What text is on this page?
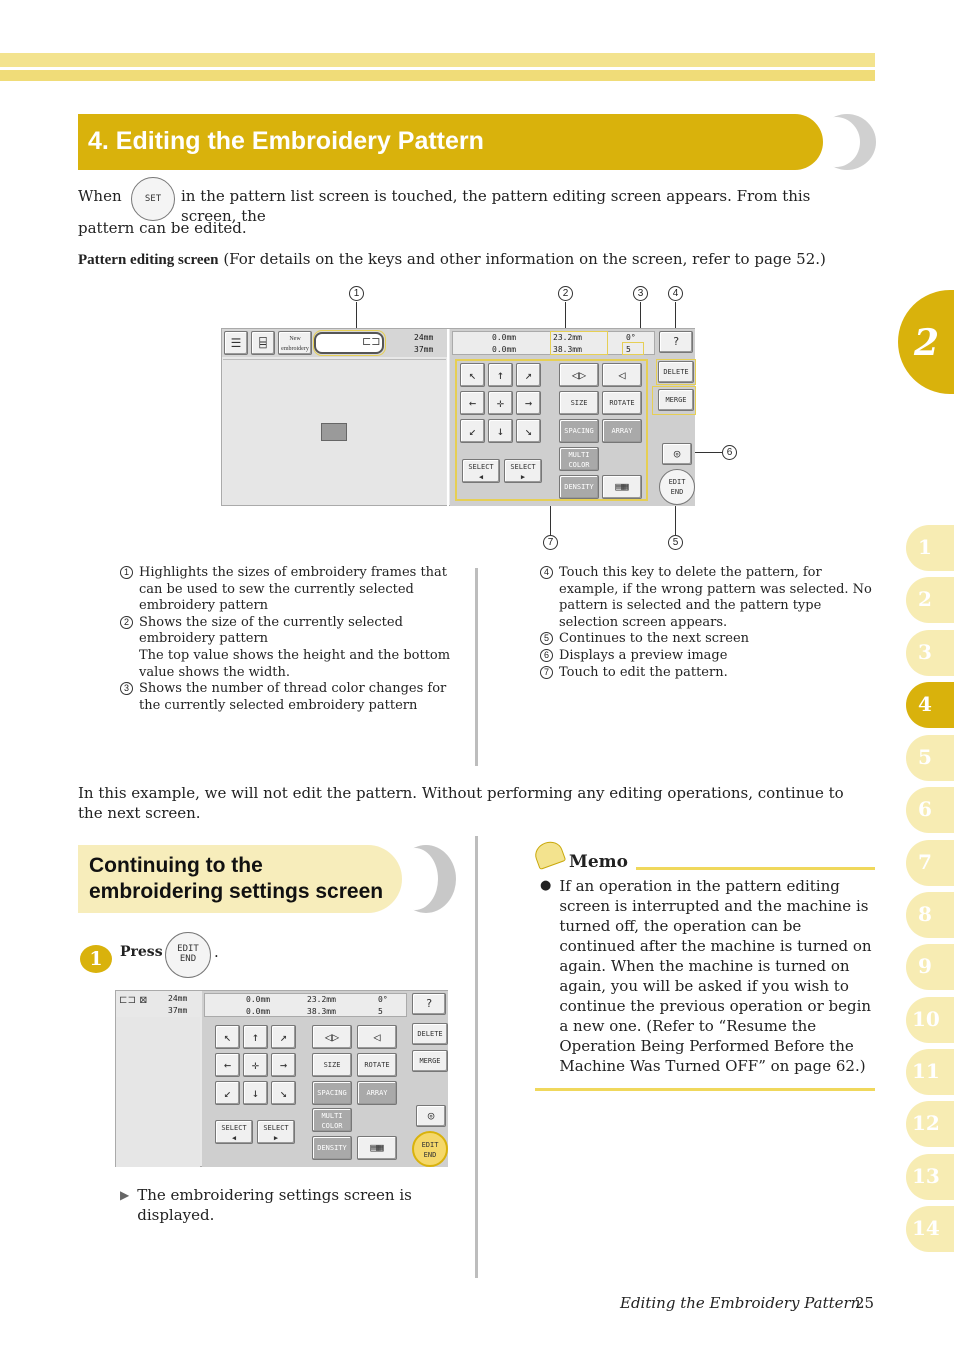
4. Editing the Embroidery Pattern
2
When	SET	in the pattern list screen is touched, the pattern editing screen appears. From this screen, the
pattern can be edited.
Pattern editing screen (For details on the keys and other information on the screen, refer to page 52.)
1	2	3	4
6
7	5
☰	⌸	New embroidery
⊏⊐	24mm
37mm
0.0mm
0.0mm
23.2mm
38.3mm
0°
5
?
↖	↑	↗
←	✛	→
↙	↓	↘
◁▷	◁
SIZE	ROTATE
SPACING	ARRAY
MULTI COLOR
DENSITY	▤▦
SELECT
◀
SELECT
▶
DELETE
MERGE
◎
EDIT END
1 Highlights the sizes of embroidery frames that can be used to sew the currently selected embroidery pattern
2 Shows the size of the currently selected embroidery pattern
The top value shows the height and the bottom value shows the width.
3 Shows the number of thread color changes for the currently selected embroidery pattern
4 Touch this key to delete the pattern, for example, if the wrong pattern was selected. No pattern is selected and the pattern type selection screen appears.
5 Continues to the next screen
6 Displays a preview image
7 Touch to edit the pattern.
In this example, we will not edit the pattern. Without performing any editing operations, continue to the next screen.
Continuing to the embroidering settings screen
1	Press	EDIT END	.
⊏⊐ ⊠	24mm
37mm
0.0mm
0.0mm
23.2mm
38.3mm
0°
5
?
↖	↑	↗
←	✛	→
↙	↓	↘
◁▷	◁
SIZE	ROTATE
SPACING	ARRAY
MULTI COLOR
DENSITY	▤▦
SELECT
◀
SELECT
▶
DELETE
MERGE
◎
EDIT END
▶ The embroidering settings screen is displayed.
Memo
● If an operation in the pattern editing screen is interrupted and the machine is turned off, the operation can be continued after the machine is turned on again. When the machine is turned on again, you will be asked if you wish to continue the previous operation or begin a new one. (Refer to “Resume the Operation Being Performed Before the Machine Was Turned OFF” on page 62.)
1
2
3
4
5
6
7
8
9
10
11
12
13
14
Editing the Embroidery Pattern
25
